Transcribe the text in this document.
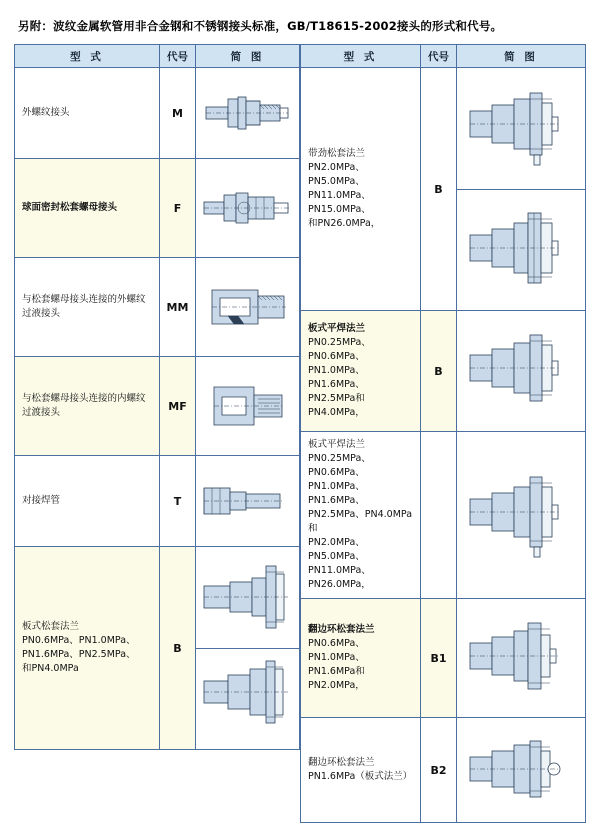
另附：波纹金属软管用非合金钢和不锈钢接头标准，GB/T18615-2002接头的形式和代号。
型 式	代号	简 图
外螺纹接头	M	

球面密封松套螺母接头	F	

与松套螺母接头连接的外螺纹过液接头	MM	

与松套螺母接头连接的内螺纹过渡接头	MF	

对接焊管	T	

板式松套法兰
PN0.6MPa、PN1.0MPa、
PN1.6MPa、PN2.5MPa、
和PN4.0MPa	B	
型 式	代号	简 图

带劲松套法兰
PN2.0MPa、PN5.0MPa、
PN11.0MPa、PN15.0MPa、
和PN26.0MPa，	B	

板式平焊法兰
PN0.25MPa、PN0.6MPa、
PN1.0MPa、PN1.6MPa、
PN2.5MPa和PN4.0MPa，	B	

板式平焊法兰
PN0.25MPa、PN0.6MPa、
PN1.0MPa、PN1.6MPa、
PN2.5MPa、PN4.0MPa 和
PN2.0MPa、PN5.0MPa、
PN11.0MPa、PN26.0MPa，

翻边环松套法兰
PN0.6MPa、PN1.0MPa、
PN1.6MPa和PN2.0MPa，	B1	

翻边环松套法兰
PN1.6MPa（板式法兰）	B2	
